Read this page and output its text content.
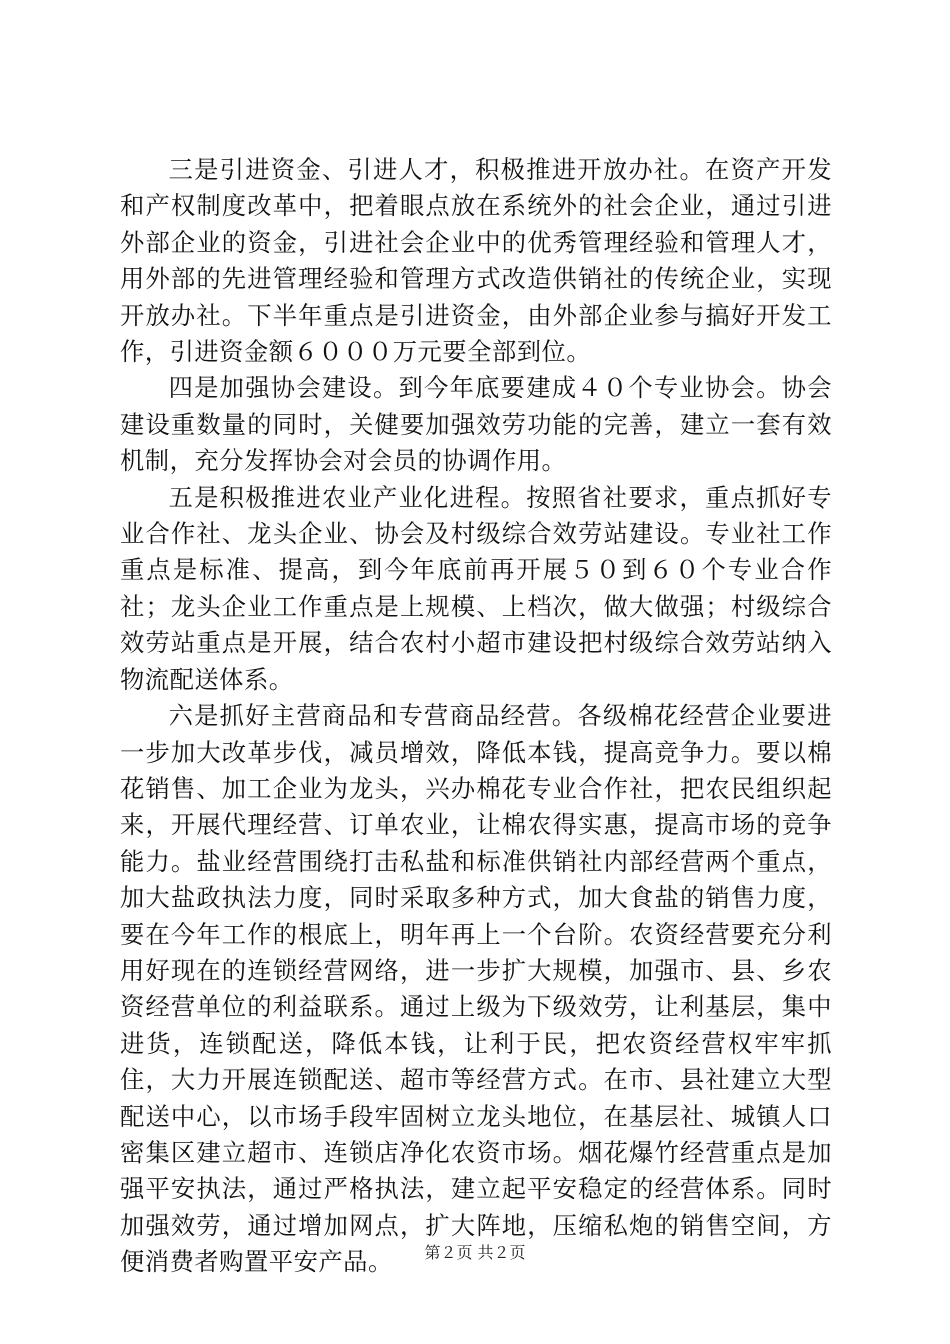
三是引进资金、引进人才，积极推进开放办社。在资产开发和产权制度改革中，把着眼点放在系统外的社会企业，通过引进外部企业的资金，引进社会企业中的优秀管理经验和管理人才，用外部的先进管理经验和管理方式改造供销社的传统企业，实现开放办社。下半年重点是引进资金，由外部企业参与搞好开发工作，引进资金额６０００万元要全部到位。

四是加强协会建设。到今年底要建成４０个专业协会。协会建设重数量的同时，关健要加强效劳功能的完善，建立一套有效机制，充分发挥协会对会员的协调作用。

五是积极推进农业产业化进程。按照省社要求，重点抓好专业合作社、龙头企业、协会及村级综合效劳站建设。专业社工作重点是标准、提高，到今年底前再开展５０到６０个专业合作社；龙头企业工作重点是上规模、上档次，做大做强；村级综合效劳站重点是开展，结合农村小超市建设把村级综合效劳站纳入物流配送体系。

六是抓好主营商品和专营商品经营。各级棉花经营企业要进一步加大改革步伐，减员增效，降低本钱，提高竞争力。要以棉花销售、加工企业为龙头，兴办棉花专业合作社，把农民组织起来，开展代理经营、订单农业，让棉农得实惠，提高市场的竞争能力。盐业经营围绕打击私盐和标准供销社内部经营两个重点，加大盐政执法力度，同时采取多种方式，加大食盐的销售力度，要在今年工作的根底上，明年再上一个台阶。农资经营要充分利用好现在的连锁经营网络，进一步扩大规模，加强市、县、乡农资经营单位的利益联系。通过上级为下级效劳，让利基层，集中进货，连锁配送，降低本钱，让利于民，把农资经营权牢牢抓住，大力开展连锁配送、超市等经营方式。在市、县社建立大型配送中心，以市场手段牢固树立龙头地位，在基层社、城镇人口密集区建立超市、连锁店净化农资市场。烟花爆竹经营重点是加强平安执法，通过严格执法，建立起平安稳定的经营体系。同时加强效劳，通过增加网点，扩大阵地，压缩私炮的销售空间，方便消费者购置平安产品。	第２页 共２页
